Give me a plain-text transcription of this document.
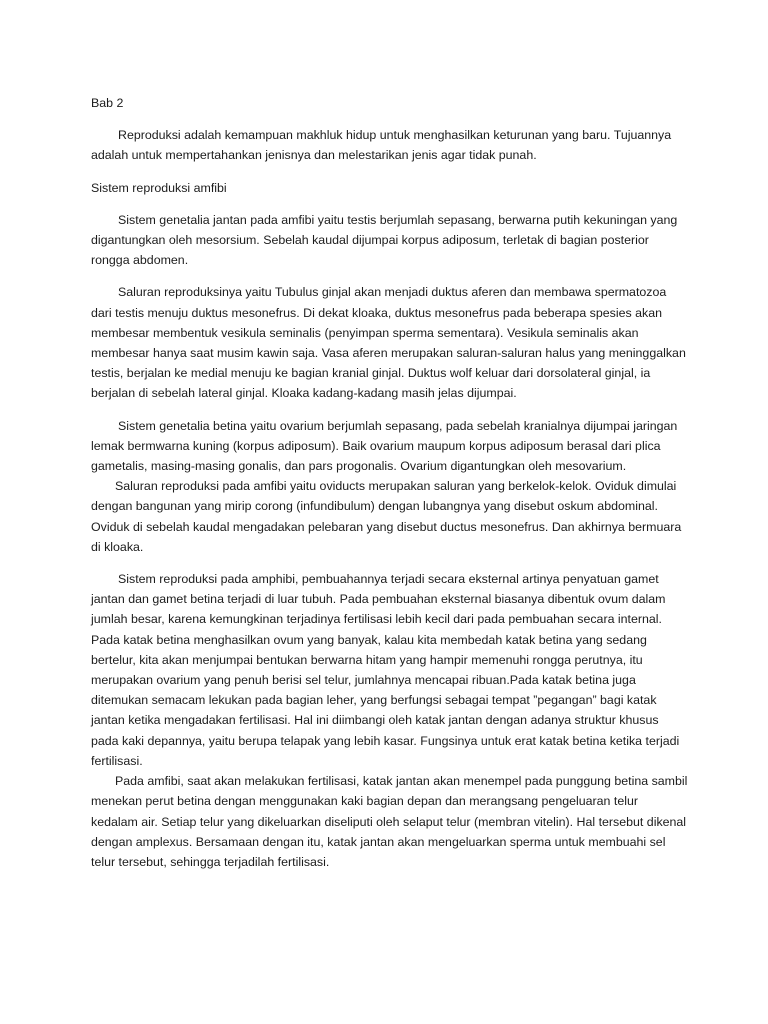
Bab 2

Reproduksi adalah kemampuan makhluk hidup untuk menghasilkan keturunan yang baru. Tujuannya adalah untuk mempertahankan jenisnya dan melestarikan jenis agar tidak punah.

Sistem reproduksi amfibi

Sistem genetalia jantan pada amfibi yaitu testis berjumlah sepasang, berwarna putih kekuningan yang digantungkan oleh mesorsium. Sebelah kaudal dijumpai korpus adiposum, terletak di bagian posterior rongga abdomen.

Saluran reproduksinya yaitu Tubulus ginjal akan menjadi duktus aferen dan membawa spermatozoa dari testis menuju duktus mesonefrus. Di dekat kloaka, duktus mesonefrus pada beberapa spesies akan membesar membentuk vesikula seminalis (penyimpan sperma sementara). Vesikula seminalis akan membesar hanya saat musim kawin saja. Vasa aferen merupakan saluran-saluran halus yang meninggalkan testis, berjalan ke medial menuju ke bagian kranial ginjal. Duktus wolf keluar dari dorsolateral ginjal, ia berjalan di sebelah lateral ginjal. Kloaka kadang-kadang masih jelas dijumpai.

Sistem genetalia betina yaitu ovarium berjumlah sepasang, pada sebelah kranialnya dijumpai jaringan lemak bermwarna kuning (korpus adiposum). Baik ovarium maupum korpus adiposum berasal dari plica gametalis, masing-masing gonalis, dan pars progonalis. Ovarium digantungkan oleh mesovarium.

Saluran reproduksi pada amfibi yaitu oviducts merupakan saluran yang berkelok-kelok. Oviduk dimulai dengan bangunan yang mirip corong (infundibulum) dengan lubangnya yang disebut oskum abdominal. Oviduk di sebelah kaudal mengadakan pelebaran yang disebut ductus mesonefrus. Dan akhirnya bermuara di kloaka.

Sistem reproduksi pada amphibi, pembuahannya terjadi secara eksternal artinya penyatuan gamet jantan dan gamet betina terjadi di luar tubuh. Pada pembuahan eksternal biasanya dibentuk ovum dalam jumlah besar, karena kemungkinan terjadinya fertilisasi lebih kecil dari pada pembuahan secara internal. Pada katak betina menghasilkan ovum yang banyak, kalau kita membedah katak betina yang sedang bertelur, kita akan menjumpai bentukan berwarna hitam yang hampir memenuhi rongga perutnya, itu merupakan ovarium yang penuh berisi sel telur, jumlahnya mencapai ribuan.Pada katak betina juga ditemukan semacam lekukan pada bagian leher, yang berfungsi sebagai tempat ”pegangan” bagi katak jantan ketika mengadakan fertilisasi. Hal ini diimbangi oleh katak jantan dengan adanya struktur khusus pada kaki depannya, yaitu berupa telapak yang lebih kasar. Fungsinya untuk erat katak betina ketika terjadi fertilisasi.

Pada amfibi, saat akan melakukan fertilisasi, katak jantan akan menempel pada punggung betina sambil menekan perut betina dengan menggunakan kaki bagian depan dan merangsang pengeluaran telur kedalam air. Setiap telur yang dikeluarkan diseliputi oleh selaput telur (membran vitelin). Hal tersebut dikenal dengan amplexus. Bersamaan dengan itu, katak jantan akan mengeluarkan sperma untuk membuahi sel telur tersebut, sehingga terjadilah fertilisasi.
